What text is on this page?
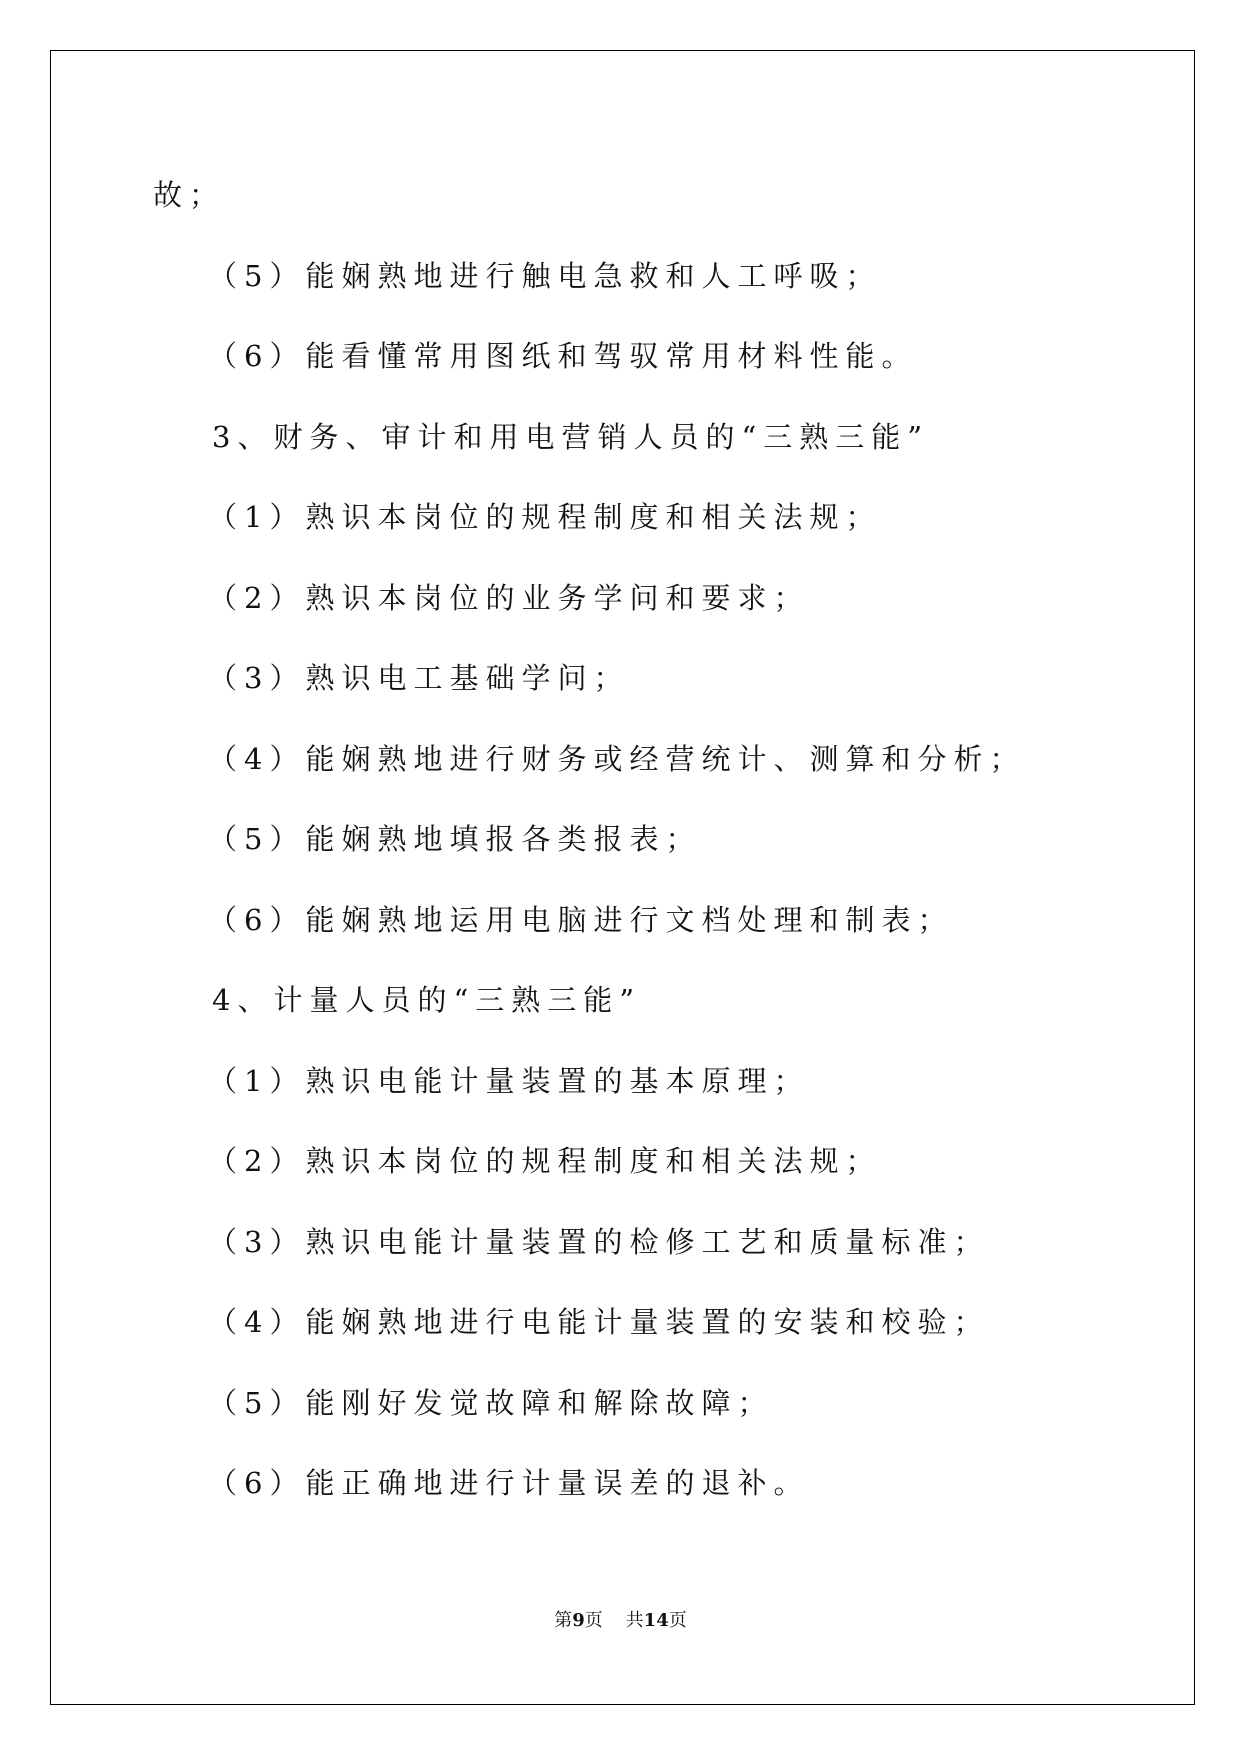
故；
（5）能娴熟地进行触电急救和人工呼吸；
（6）能看懂常用图纸和驾驭常用材料性能。
3、财务、审计和用电营销人员的“三熟三能”
（1）熟识本岗位的规程制度和相关法规；
（2）熟识本岗位的业务学问和要求；
（3）熟识电工基础学问；
（4）能娴熟地进行财务或经营统计、测算和分析；
（5）能娴熟地填报各类报表；
（6）能娴熟地运用电脑进行文档处理和制表；
4、计量人员的“三熟三能”
（1）熟识电能计量装置的基本原理；
（2）熟识本岗位的规程制度和相关法规；
（3）熟识电能计量装置的检修工艺和质量标准；
（4）能娴熟地进行电能计量装置的安装和校验；
（5）能刚好发觉故障和解除故障；
（6）能正确地进行计量误差的退补。
第9页 共14页
